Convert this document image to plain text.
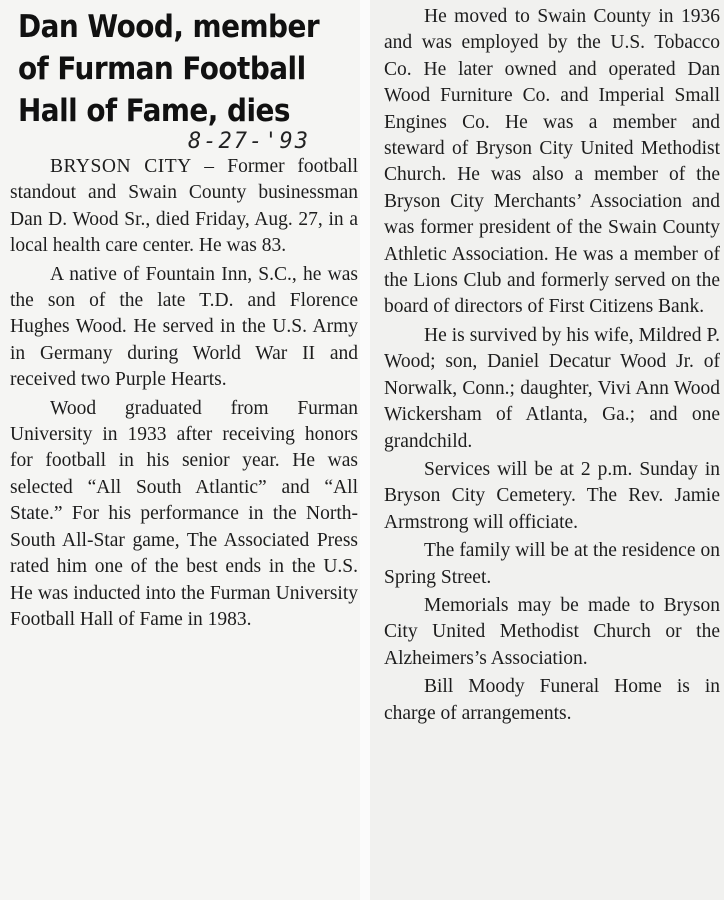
Dan Wood, member
of Furman Football
Hall of Fame, dies
8-27-'93

BRYSON CITY – Former football standout and Swain County businessman Dan D. Wood Sr., died Friday, Aug. 27, in a local health care center. He was 83.

A native of Fountain Inn, S.C., he was the son of the late T.D. and Florence Hughes Wood. He served in the U.S. Army in Germany during World War II and received two Purple Hearts.

Wood graduated from Furman University in 1933 after receiving honors for football in his senior year. He was selected “All South Atlantic” and “All State.” For his performance in the North-South All-Star game, The Associated Press rated him one of the best ends in the U.S. He was inducted into the Furman University Football Hall of Fame in 1983.

He moved to Swain County in 1936 and was employed by the U.S. Tobacco Co. He later owned and operated Dan Wood Furniture Co. and Imperial Small Engines Co. He was a member and steward of Bryson City United Methodist Church. He was also a member of the Bryson City Merchants’ Association and was former president of the Swain County Athletic Association. He was a member of the Lions Club and formerly served on the board of directors of First Citizens Bank.

He is survived by his wife, Mildred P. Wood; son, Daniel Decatur Wood Jr. of Norwalk, Conn.; daughter, Vivi Ann Wood Wickersham of Atlanta, Ga.; and one grandchild.

Services will be at 2 p.m. Sunday in Bryson City Cemetery. The Rev. Jamie Armstrong will officiate.

The family will be at the residence on Spring Street.

Memorials may be made to Bryson City United Methodist Church or the Alzheimers’s Association.

Bill Moody Funeral Home is in charge of arrangements.
